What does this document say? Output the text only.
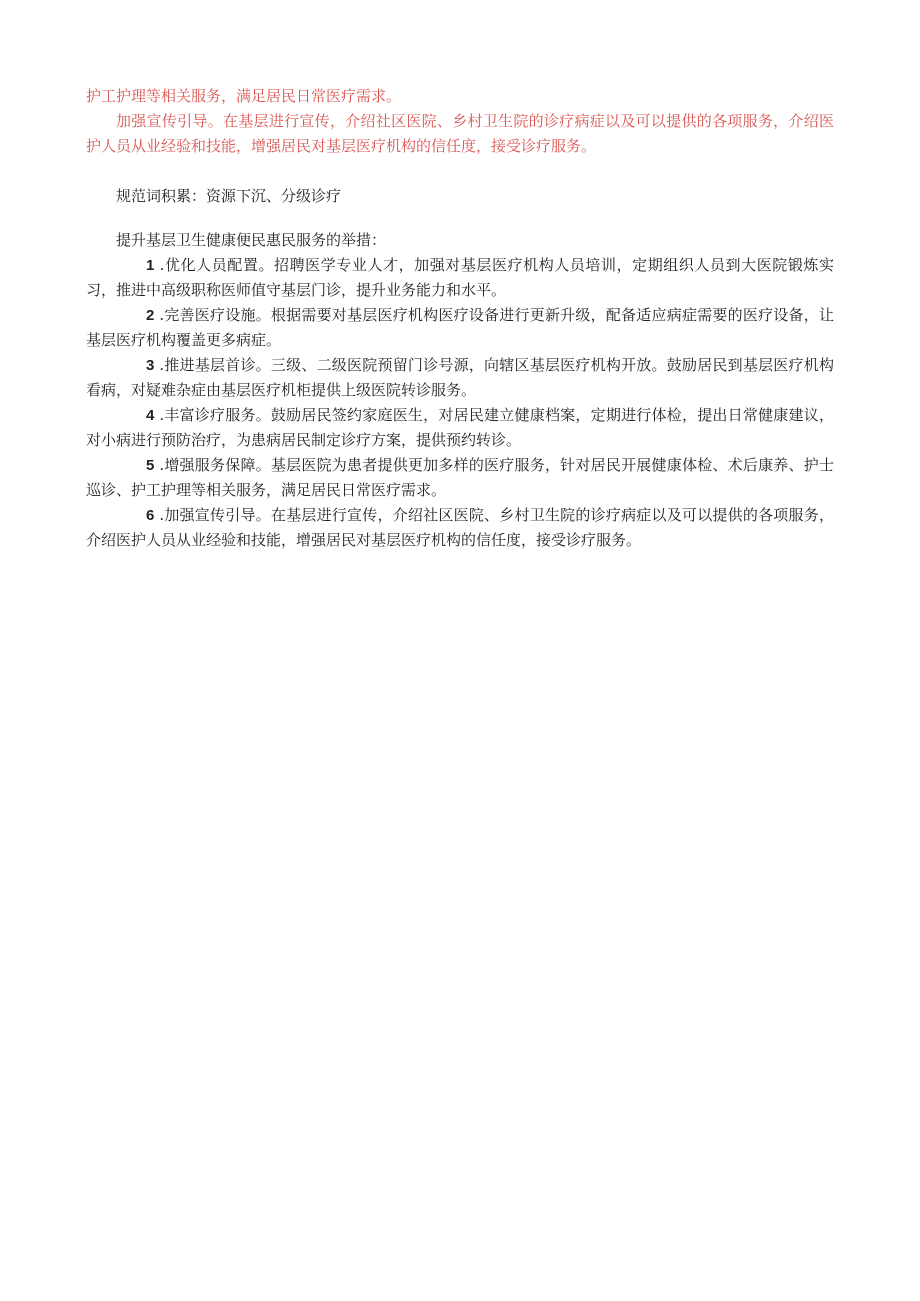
护工护理等相关服务，满足居民日常医疗需求。

加强宣传引导。在基层进行宣传，介绍社区医院、乡村卫生院的诊疗病症以及可以提供的各项服务，介绍医护人员从业经验和技能，增强居民对基层医疗机构的信任度，接受诊疗服务。

规范词积累：资源下沉、分级诊疗

提升基层卫生健康便民惠民服务的举措：

1 .优化人员配置。招聘医学专业人才，加强对基层医疗机构人员培训，定期组织人员到大医院锻炼实习，推进中高级职称医师值守基层门诊，提升业务能力和水平。

2 .完善医疗设施。根据需要对基层医疗机构医疗设备进行更新升级，配备适应病症需要的医疗设备，让基层医疗机构覆盖更多病症。

3 .推进基层首诊。三级、二级医院预留门诊号源，向辖区基层医疗机构开放。鼓励居民到基层医疗机构看病，对疑难杂症由基层医疗机柜提供上级医院转诊服务。

4 .丰富诊疗服务。鼓励居民签约家庭医生，对居民建立健康档案，定期进行体检，提出日常健康建议，对小病进行预防治疗，为患病居民制定诊疗方案，提供预约转诊。

5 .增强服务保障。基层医院为患者提供更加多样的医疗服务，针对居民开展健康体检、术后康养、护士巡诊、护工护理等相关服务，满足居民日常医疗需求。

6 .加强宣传引导。在基层进行宣传，介绍社区医院、乡村卫生院的诊疗病症以及可以提供的各项服务，介绍医护人员从业经验和技能，增强居民对基层医疗机构的信任度，接受诊疗服务。
